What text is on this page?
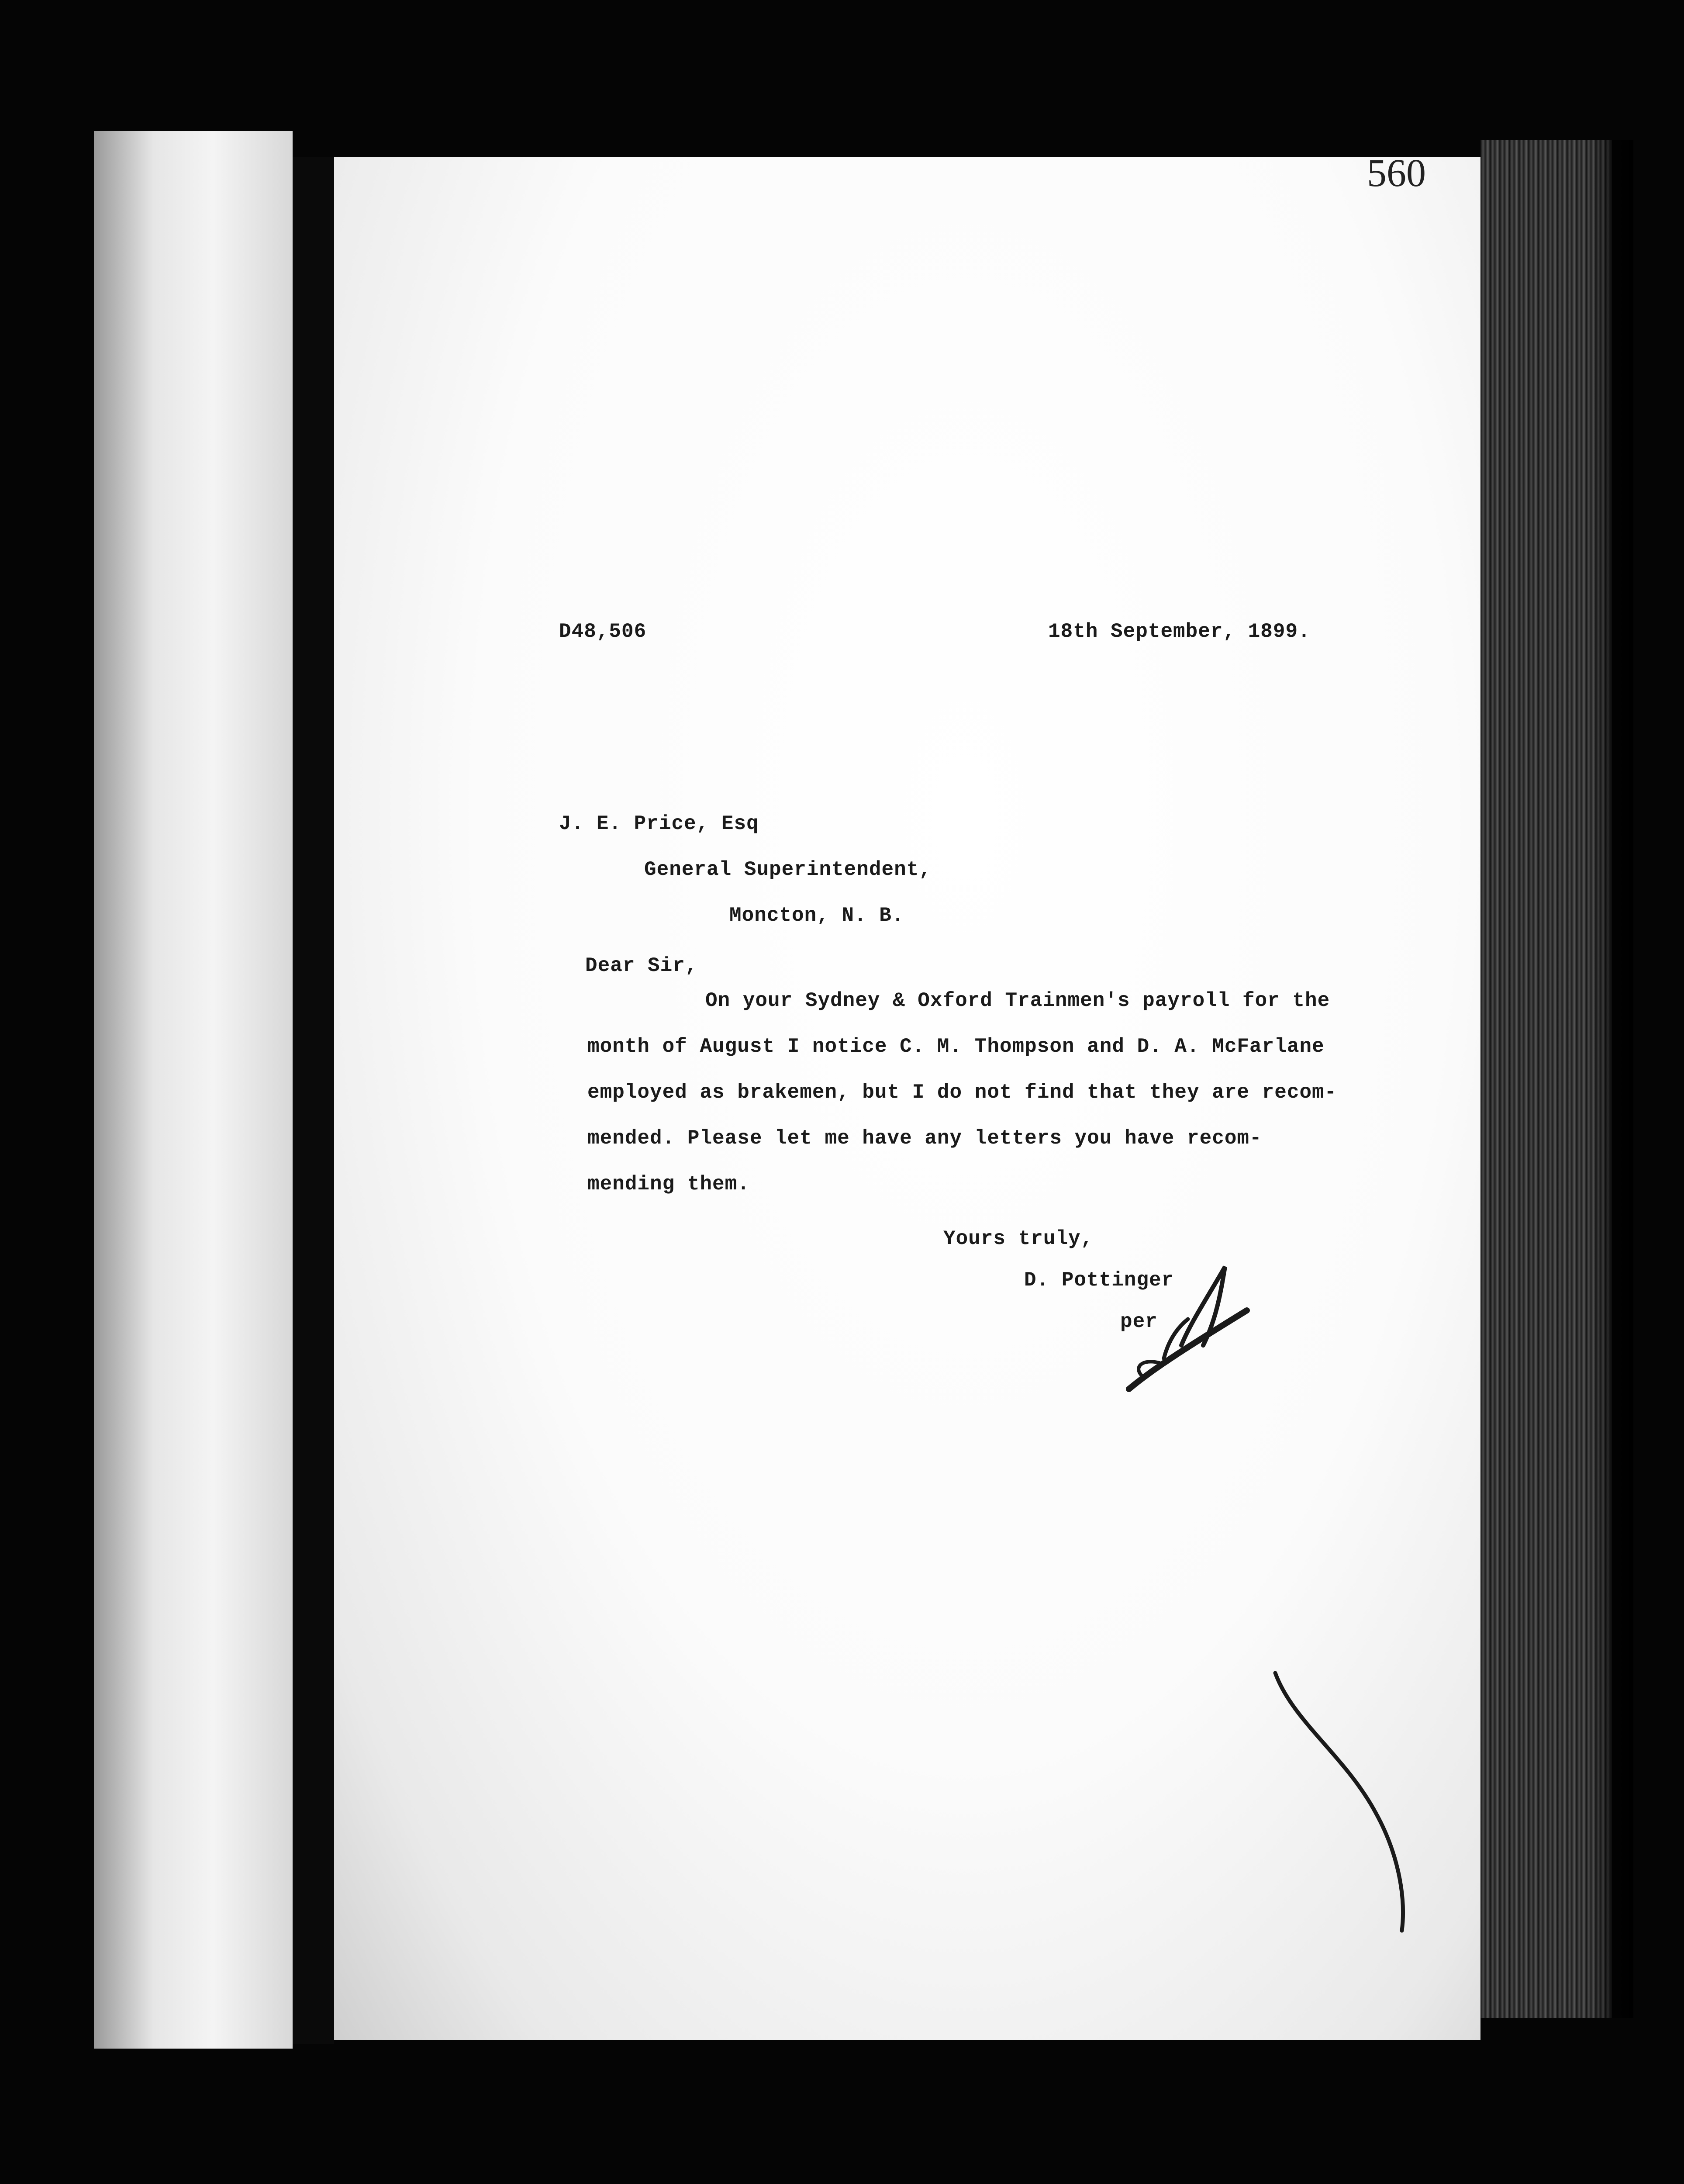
560
D48,506	18th September, 1899.
J. E. Price, Esq
General Superintendent,
Moncton, N. B.
Dear Sir,
On your Sydney & Oxford Trainmen's payroll for the
month of August I notice C. M. Thompson and D. A. McFarlane
employed as brakemen, but I do not find that they are recom-
mended. Please let me have any letters you have recom-
mending them.
Yours truly,
D. Pottinger
per
